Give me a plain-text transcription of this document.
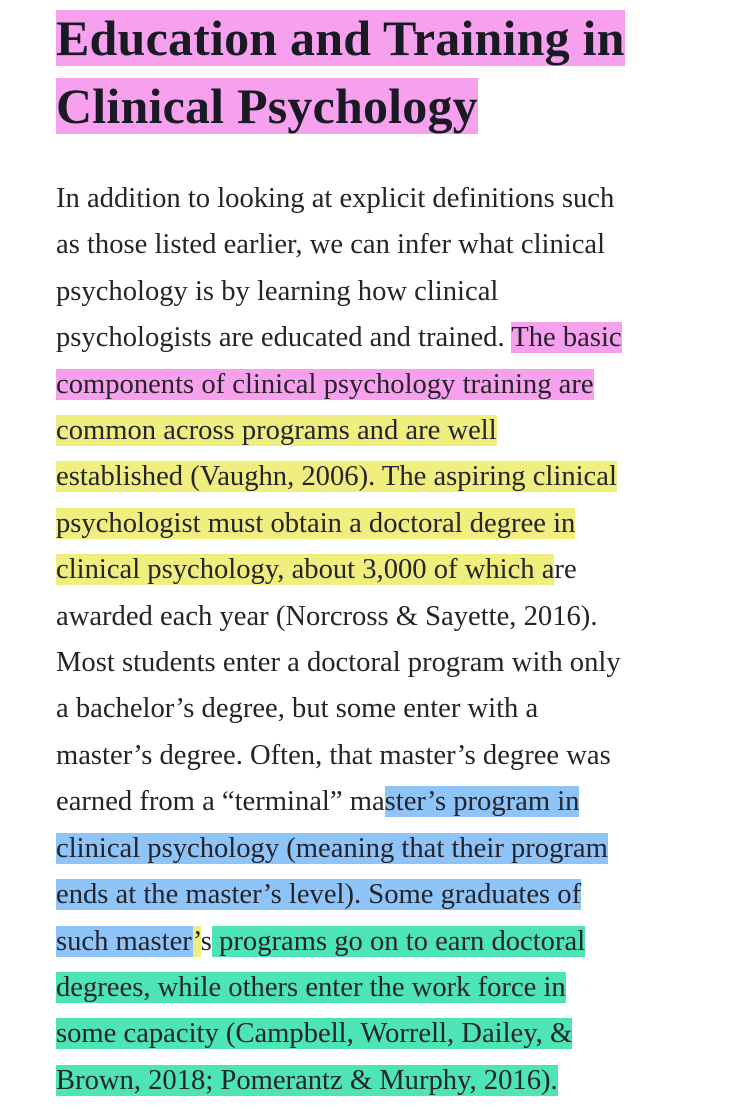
Education and Training in
Clinical Psychology

In addition to looking at explicit definitions such
as those listed earlier, we can infer what clinical
psychology is by learning how clinical
psychologists are educated and trained. The basic
components of clinical psychology training are
common across programs and are well
established (Vaughn, 2006). The aspiring clinical
psychologist must obtain a doctoral degree in
clinical psychology, about 3,000 of which are
awarded each year (Norcross & Sayette, 2016).
Most students enter a doctoral program with only
a bachelor’s degree, but some enter with a
master’s degree. Often, that master’s degree was
earned from a “terminal” master’s program in
clinical psychology (meaning that their program
ends at the master’s level). Some graduates of
such master’s programs go on to earn doctoral
degrees, while others enter the work force in
some capacity (Campbell, Worrell, Dailey, &
Brown, 2018; Pomerantz & Murphy, 2016).
